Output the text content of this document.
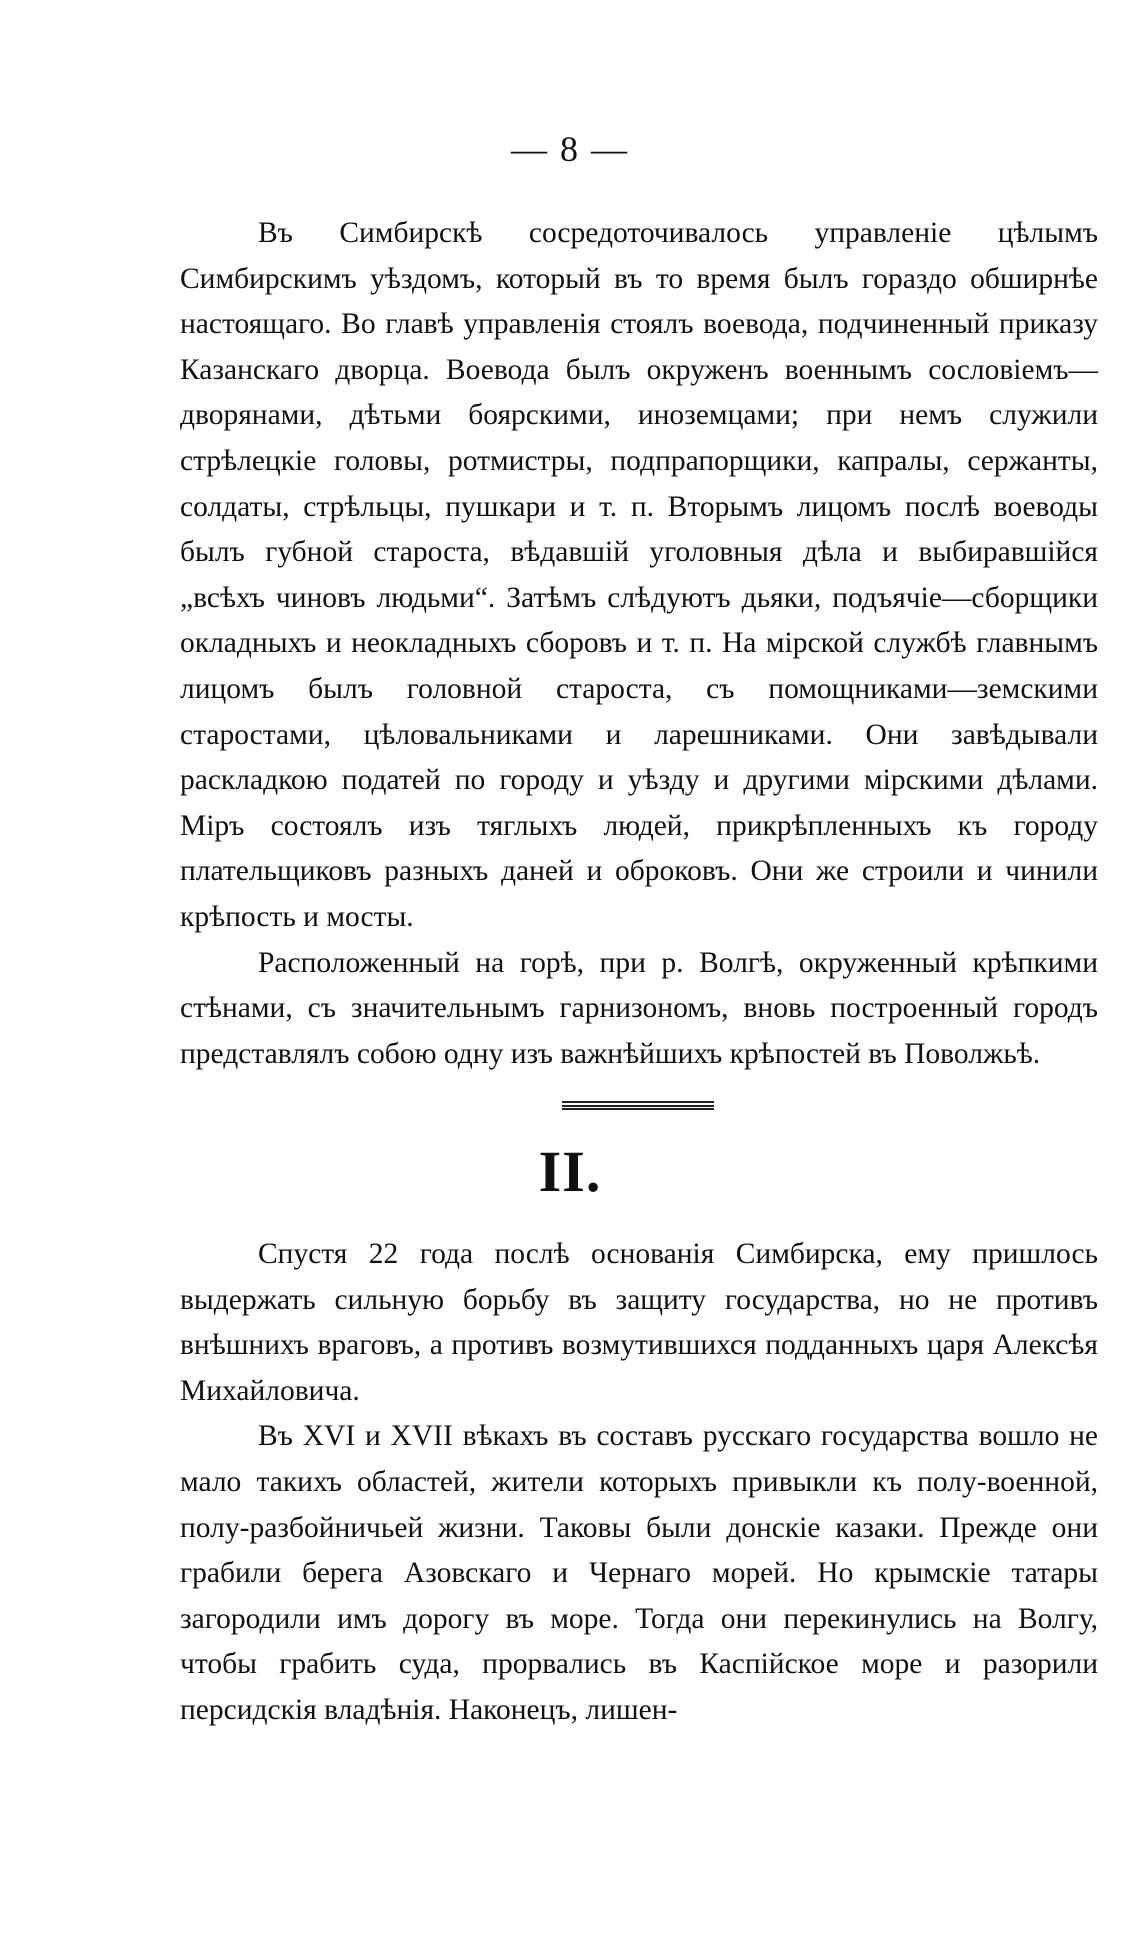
— 8 —

Въ Симбирскѣ сосредоточивалось управленіе цѣлымъ Симбирскимъ уѣздомъ, который въ то время былъ гораздо обширнѣе настоящаго. Во главѣ управленія стоялъ воевода, подчиненный приказу Казанскаго дворца. Воевода былъ окруженъ военнымъ сословіемъ—дворянами, дѣтьми боярскими, иноземцами; при немъ служили стрѣлецкіе головы, ротмистры, подпрапорщики, капралы, сержанты, солдаты, стрѣльцы, пушкари и т. п. Вторымъ лицомъ послѣ воеводы былъ губной староста, вѣдавшій уголовныя дѣла и выбиравшійся „всѣхъ чиновъ людьми“. Затѣмъ слѣдуютъ дьяки, подъячіе—сборщики окладныхъ и неокладныхъ сборовъ и т. п. На мірской службѣ главнымъ лицомъ былъ головной староста, съ помощниками—земскими старостами, цѣловальниками и ларешниками. Они завѣдывали раскладкою податей по городу и уѣзду и другими мірскими дѣлами. Міръ состоялъ изъ тяглыхъ людей, прикрѣпленныхъ къ городу плательщиковъ разныхъ даней и оброковъ. Они же строили и чинили крѣпость и мосты.

Расположенный на горѣ, при р. Волгѣ, окруженный крѣпкими стѣнами, съ значительнымъ гарнизономъ, вновь построенный городъ представлялъ собою одну изъ важнѣйшихъ крѣпостей въ Поволжьѣ.

II.

Спустя 22 года послѣ основанія Симбирска, ему пришлось выдержать сильную борьбу въ защиту государства, но не противъ внѣшнихъ враговъ, а противъ возмутившихся подданныхъ царя Алексѣя Михайловича.

Въ XVI и XVII вѣкахъ въ составъ русскаго государства вошло не мало такихъ областей, жители которыхъ привыкли къ полу-военной, полу-разбойничьей жизни. Таковы были донскіе казаки. Прежде они грабили берега Азовскаго и Чернаго морей. Но крымскіе татары загородили имъ дорогу въ море. Тогда они перекинулись на Волгу, чтобы грабить суда, прорвались въ Каспійское море и разорили персидскія владѣнія. Наконецъ, лишен-
